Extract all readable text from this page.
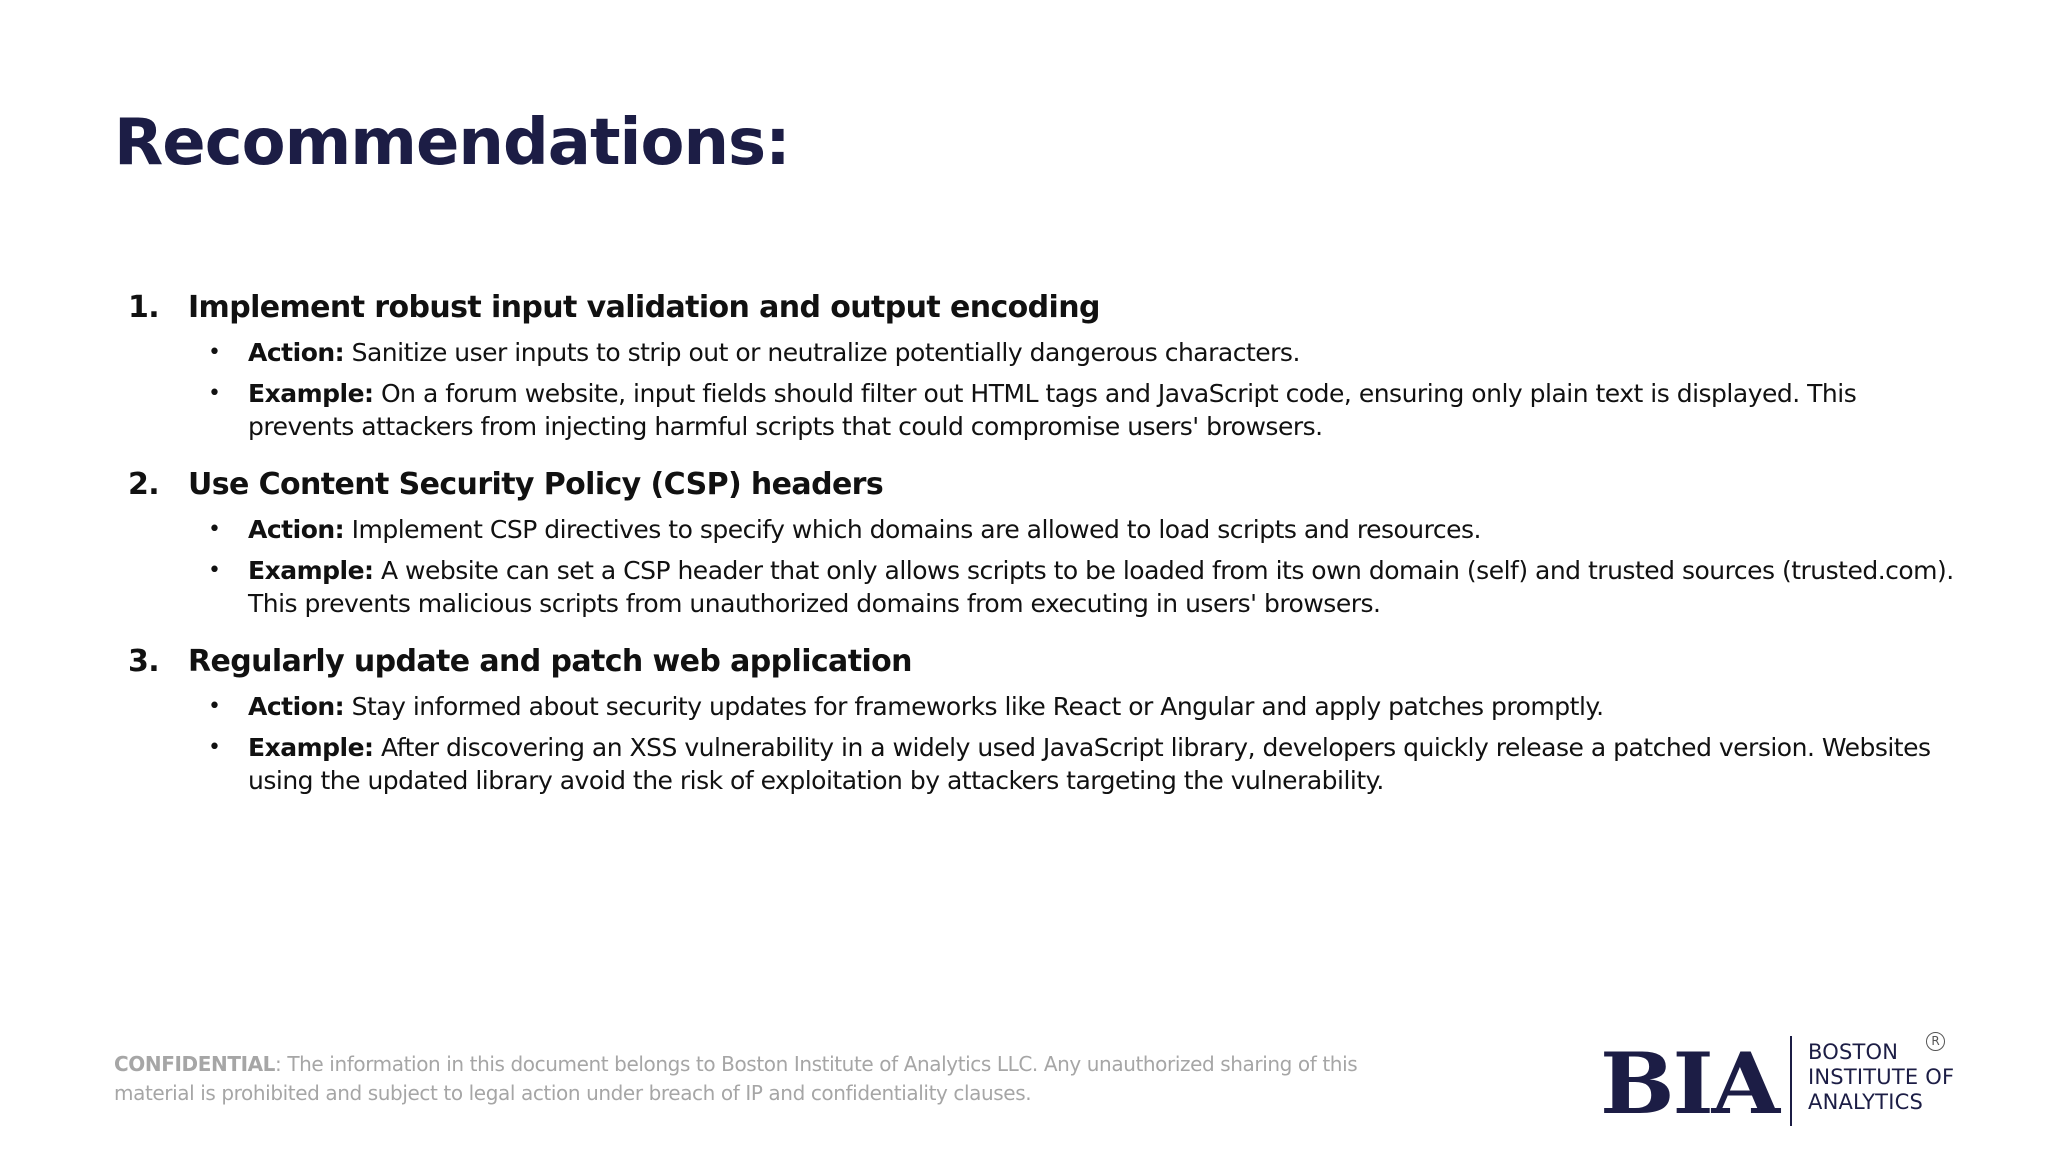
Recommendations:
1. Implement robust input validation and output encoding
•	Action: Sanitize user inputs to strip out or neutralize potentially dangerous characters.
•	Example: On a forum website, input fields should filter out HTML tags and JavaScript code, ensuring only plain text is displayed. This prevents attackers from injecting harmful scripts that could compromise users' browsers.
2. Use Content Security Policy (CSP) headers
•	Action: Implement CSP directives to specify which domains are allowed to load scripts and resources.
•	Example: A website can set a CSP header that only allows scripts to be loaded from its own domain (self) and trusted sources (trusted.com). This prevents malicious scripts from unauthorized domains from executing in users' browsers.
3. Regularly update and patch web application
•	Action: Stay informed about security updates for frameworks like React or Angular and apply patches promptly.
•	Example: After discovering an XSS vulnerability in a widely used JavaScript library, developers quickly release a patched version. Websites using the updated library avoid the risk of exploitation by attackers targeting the vulnerability.
CONFIDENTIAL: The information in this document belongs to Boston Institute of Analytics LLC. Any unauthorized sharing of this material is prohibited and subject to legal action under breach of IP and confidentiality clauses.	BIA BOSTON
INSTITUTE OF
ANALYTICS
R
